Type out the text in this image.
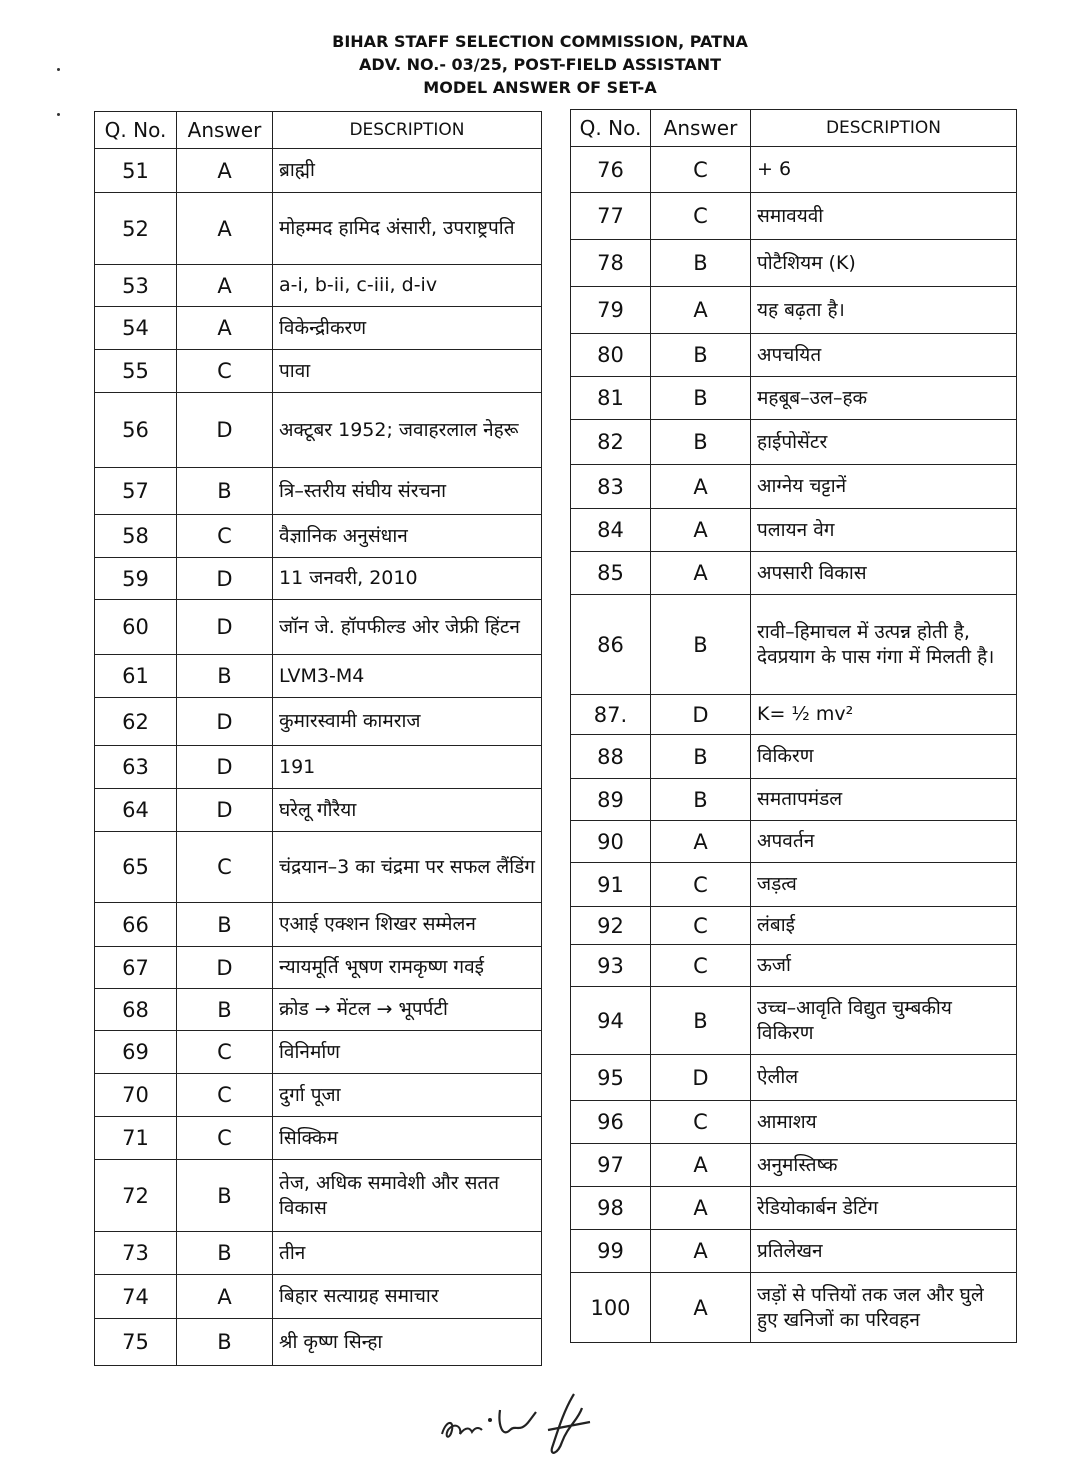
BIHAR STAFF SELECTION COMMISSION, PATNA
ADV. NO.- 03/25, POST-FIELD ASSISTANT
MODEL ANSWER OF SET-A
Q. No.	Answer	DESCRIPTION
51	A	ब्राह्मी
52	A	मोहम्मद हामिद अंसारी, उपराष्ट्रपति
53	A	a-i, b-ii, c-iii, d-iv
54	A	विकेन्द्रीकरण
55	C	पावा
56	D	अक्टूबर 1952; जवाहरलाल नेहरू
57	B	त्रि–स्तरीय संघीय संरचना
58	C	वैज्ञानिक अनुसंधान
59	D	11 जनवरी, 2010
60	D	जॉन जे. हॉपफील्ड ओर जेफ्री हिंटन
61	B	LVM3-M4
62	D	कुमारस्वामी कामराज
63	D	191
64	D	घरेलू गौरैया
65	C	चंद्रयान–3 का चंद्रमा पर सफल लैंडिंग
66	B	एआई एक्शन शिखर सम्मेलन
67	D	न्यायमूर्ति भूषण रामकृष्ण गवई
68	B	क्रोड → मेंटल → भूपर्पटी
69	C	विनिर्माण
70	C	दुर्गा पूजा
71	C	सिक्किम
72	B	तेज, अधिक समावेशी और सतत विकास
73	B	तीन
74	A	बिहार सत्याग्रह समाचार
75	B	श्री कृष्ण सिन्हा
Q. No.	Answer	DESCRIPTION
76	C	+ 6
77	C	समावयवी
78	B	पोटैशियम (K)
79	A	यह बढ़ता है।
80	B	अपचयित
81	B	महबूब–उल–हक
82	B	हाईपोसेंटर
83	A	आग्नेय चट्टानें
84	A	पलायन वेग
85	A	अपसारी विकास
86	B	रावी–हिमाचल में उत्पन्न होती है, देवप्रयाग के पास गंगा में मिलती है।
87.	D	K= ½ mv²
88	B	विकिरण
89	B	समतापमंडल
90	A	अपवर्तन
91	C	जड़त्व
92	C	लंबाई
93	C	ऊर्जा
94	B	उच्च–आवृति विद्युत चुम्बकीय विकिरण
95	D	ऐलील
96	C	आमाशय
97	A	अनुमस्तिष्क
98	A	रेडियोकार्बन डेटिंग
99	A	प्रतिलेखन
100	A	जड़ों से पत्तियों तक जल और घुले हुए खनिजों का परिवहन
